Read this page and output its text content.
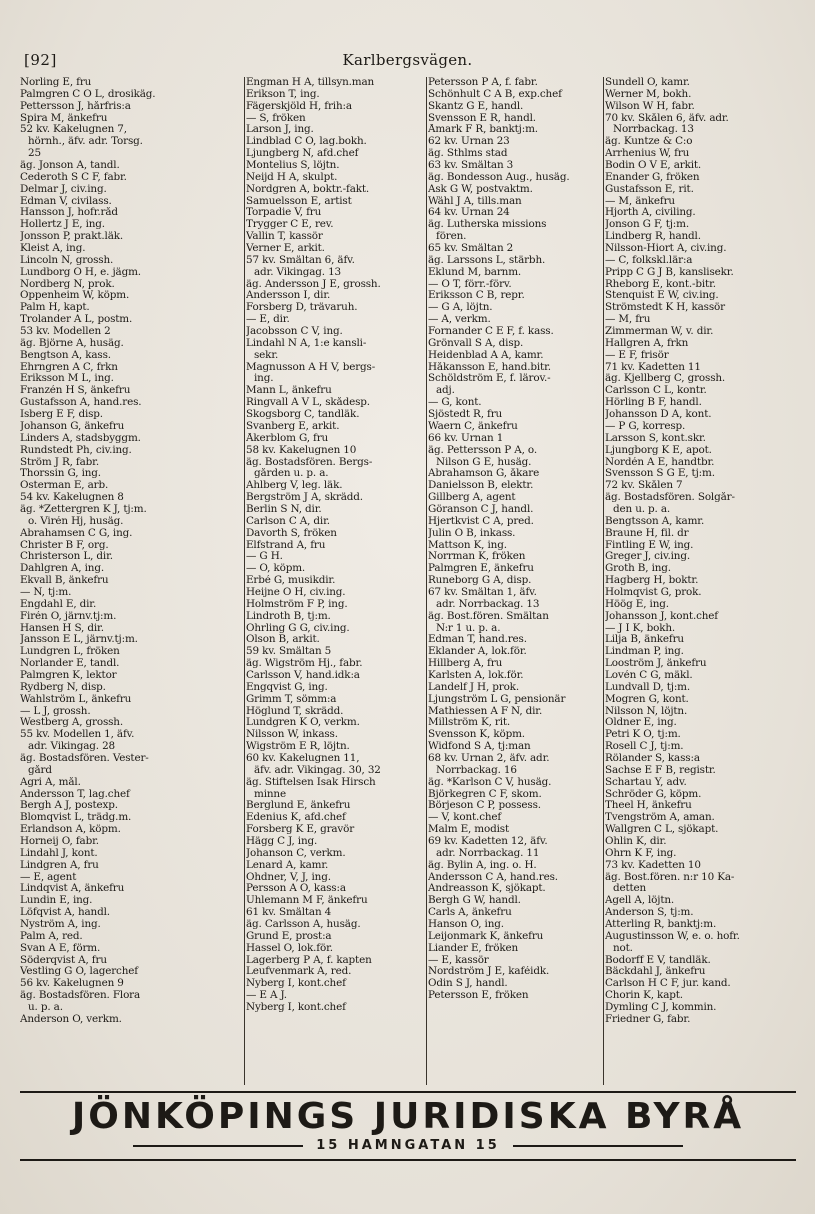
[92]	Karlbergsvägen.
Norling E, fru
Palmgren C O L, drosikäg.
Pettersson J, hårfris:a
Spira M, änkefru
52 kv. Kakelugnen 7,
hörnh., äfv. adr. Torsg.
25
äg. Jonson A, tandl.
Cederoth S C F, fabr.
Delmar J, civ.ing.
Edman V, civilass.
Hansson J, hofr.råd
Hollertz J E, ing.
Jonsson P, prakt.läk.
Kleist A, ing.
Lincoln N, grossh.
Lundborg O H, e. jägm.
Nordberg N, prok.
Oppenheim W, köpm.
Palm H, kapt.
Trolander A L, postm.
53 kv. Modellen 2
äg. Björne A, husäg.
Bengtson A, kass.
Ehrngren A C, frkn
Eriksson M L, ing.
Franzén H S, änkefru
Gustafsson A, hand.res.
Isberg E F, disp.
Johanson G, änkefru
Linders A, stadsbyggm.
Rundstedt Ph, civ.ing.
Ström J R, fabr.
Thorssin G, ing.
Österman E, arb.
54 kv. Kakelugnen 8
äg. *Zettergren K J, tj:m.
o. Virén Hj, husäg.
Abrahamsen C G, ing.
Christer B F, org.
Christerson L, dir.
Dahlgren A, ing.
Ekvall B, änkefru
— N, tj:m.
Engdahl E, dir.
Firén O, järnv.tj:m.
Hansen H S, dir.
Jansson E L, järnv.tj:m.
Lundgren L, fröken
Norlander E, tandl.
Palmgren K, lektor
Rydberg N, disp.
Wahlström L, änkefru
— L J, grossh.
Westberg A, grossh.
55 kv. Modellen 1, äfv.
adr. Vikingag. 28
äg. Bostadsfören. Vester-
gård
Agri A, mål.
Andersson T, lag.chef
Bergh A J, postexp.
Blomqvist L, trädg.m.
Erlandson A, köpm.
Horneij O, fabr.
Lindahl J, kont.
Lindgren A, fru
— E, agent
Lindqvist A, änkefru
Lundin E, ing.
Löfqvist A, handl.
Nyström A, ing.
Palm A, red.
Svan A E, förm.
Söderqvist A, fru
Vestling G O, lagerchef
56 kv. Kakelugnen 9
äg. Bostadsfören. Flora
u. p. a.
Anderson O, verkm.
Engman H A, tillsyn.man
Erikson T, ing.
Fägerskjöld H, frih:a
— S, fröken
Larson J, ing.
Lindblad C O, lag.bokh.
Ljungberg N, afd.chef
Montelius S, löjtn.
Neijd H A, skulpt.
Nordgren A, boktr.-fakt.
Samuelsson E, artist
Torpadie V, fru
Trygger C E, rev.
Vallin T, kassör
Verner E, arkit.
57 kv. Smältan 6, äfv.
adr. Vikingag. 13
äg. Andersson J E, grossh.
Andersson I, dir.
Forsberg D, trävaruh.
— E, dir.
Jacobsson C V, ing.
Lindahl N A, 1:e kansli-
sekr.
Magnusson A H V, bergs-
ing.
Mann L, änkefru
Ringvall A V L, skådesp.
Skogsborg C, tandläk.
Svanberg E, arkit.
Åkerblom G, fru
58 kv. Kakelugnen 10
äg. Bostadsfören. Bergs-
gården u. p. a.
Ahlberg V, leg. läk.
Bergström J A, skrädd.
Berlin S N, dir.
Carlson C A, dir.
Davorth S, fröken
Elfstrand A, fru
— G H.
— O, köpm.
Erbé G, musikdir.
Heijne O H, civ.ing.
Holmström F P, ing.
Lindroth B, tj:m.
Ohrling G G, civ.ing.
Olson B, arkit.
59 kv. Smältan 5
äg. Wigström Hj., fabr.
Carlsson V, hand.idk:a
Engqvist G, ing.
Grimm T, sömm:a
Höglund T, skrädd.
Lundgren K O, verkm.
Nilsson W, inkass.
Wigström E R, löjtn.
60 kv. Kakelugnen 11,
äfv. adr. Vikingag. 30, 32
äg. Stiftelsen Isak Hirsch
minne
Berglund E, änkefru
Edenius K, afd.chef
Forsberg K E, gravör
Hägg C J, ing.
Johanson C, verkm.
Lenard A, kamr.
Ohdner, V, J, ing.
Persson A O, kass:a
Uhlemann M F, änkefru
61 kv. Smältan 4
äg. Carlsson A, husäg.
Grund E, prost:a
Hassel O, lok.för.
Lagerberg P A, f. kapten
Leufvenmark A, red.
Nyberg I, kont.chef
— E A J.
Nyberg I, kont.chef
Petersson P A, f. fabr.
Schönhult C A B, exp.chef
Skantz G E, handl.
Svensson E R, handl.
Åmark F R, banktj:m.
62 kv. Urnan 23
äg. Sthlms stad
63 kv. Smältan 3
äg. Bondesson Aug., husäg.
Ask G W, postvaktm.
Wähl J A, tills.man
64 kv. Urnan 24
äg. Lutherska missions
fören.
65 kv. Smältan 2
äg. Larssons L, stärbh.
Eklund M, barnm.
— O T, förr.-förv.
Eriksson C B, repr.
— G A, löjtn.
— A, verkm.
Fornander C E F, f. kass.
Grönvall S A, disp.
Heidenblad A A, kamr.
Håkansson E, hand.bitr.
Schöldström E, f. lärov.-
adj.
— G, kont.
Sjöstedt R, fru
Waern C, änkefru
66 kv. Urnan 1
äg. Pettersson P A, o.
Nilson G E, husäg.
Abrahamson G, åkare
Danielsson B, elektr.
Gillberg A, agent
Göranson C J, handl.
Hjertkvist C A, pred.
Julin O B, inkass.
Mattson K, ing.
Norrman K, fröken
Palmgren E, änkefru
Runeborg G A, disp.
67 kv. Smältan 1, äfv.
adr. Norrbackag. 13
äg. Bost.fören. Smältan
N:r 1 u. p. a.
Edman T, hand.res.
Eklander A, lok.för.
Hillberg A, fru
Karlsten A, lok.för.
Landelf J H, prok.
Ljungström L G, pensionär
Mathiessen A F N, dir.
Millström K, rit.
Svensson K, köpm.
Widfond S A, tj:man
68 kv. Urnan 2, äfv. adr.
Norrbackag. 16
äg. *Karlson C V, husäg.
Björkegren C F, skom.
Börjeson C P, possess.
— V, kont.chef
Malm E, modist
69 kv. Kadetten 12, äfv.
adr. Norrbackag. 11
äg. Bylin A, ing. o. H.
Andersson C A, hand.res.
Andreasson K, sjökapt.
Bergh G W, handl.
Carls A, änkefru
Hanson O, ing.
Leijonmark K, änkefru
Liander E, fröken
— E, kassör
Nordström J E, kaféidk.
Odin S J, handl.
Petersson E, fröken
Sundell O, kamr.
Werner M, bokh.
Wilson W H, fabr.
70 kv. Skålen 6, äfv. adr.
Norrbackag. 13
äg. Kuntze & C:o
Arrhenius W, fru
Bodin O V E, arkit.
Enander G, fröken
Gustafsson E, rit.
— M, änkefru
Hjorth A, civiling.
Jonson G F, tj:m.
Lindberg R, handl.
Nilsson-Hiort A, civ.ing.
— C, folkskl.lär:a
Pripp C G J B, kanslisekr.
Rheborg E, kont.-bitr.
Stenquist E W, civ.ing.
Strömstedt K H, kassör
— M, fru
Zimmerman W, v. dir.
Hallgren A, frkn
— E F, frisör
71 kv. Kadetten 11
äg. Kjellberg C, grossh.
Carlsson C L, kontr.
Hörling B F, handl.
Johansson D A, kont.
— P G, korresp.
Larsson S, kont.skr.
Ljungborg K E, apot.
Nordén A E, handtbr.
Svensson S G E, tj:m.
72 kv. Skålen 7
äg. Bostadsfören. Solgår-
den u. p. a.
Bengtsson A, kamr.
Braune H, fil. dr
Fintling E W, ing.
Greger J, civ.ing.
Groth B, ing.
Hagberg H, boktr.
Holmqvist G, prok.
Höög E, ing.
Johansson J, kont.chef
— J I K, bokh.
Lilja B, änkefru
Lindman P, ing.
Looström J, änkefru
Lovén C G, mäkl.
Lundvall D, tj:m.
Mogren G, kont.
Nilsson N, löjtn.
Oldner E, ing.
Petri K O, tj:m.
Rosell C J, tj:m.
Rölander S, kass:a
Sachse E F B, registr.
Schartau Y, adv.
Schröder G, köpm.
Theel H, änkefru
Tvengström A, aman.
Wallgren C L, sjökapt.
Öhlin K, dir.
Öhrn K F, ing.
73 kv. Kadetten 10
äg. Bost.fören. n:r 10 Ka-
detten
Agell A, löjtn.
Anderson S, tj:m.
Atterling R, banktj:m.
Augustinsson W, e. o. hofr.
not.
Bodorff E V, tandläk.
Bäckdahl J, änkefru
Carlson H C F, jur. kand.
Chorin K, kapt.
Dymling C J, kommin.
Friedner G, fabr.
JÖNKÖPINGS JURIDISKA BYRÅ
15 HAMNGATAN 15
